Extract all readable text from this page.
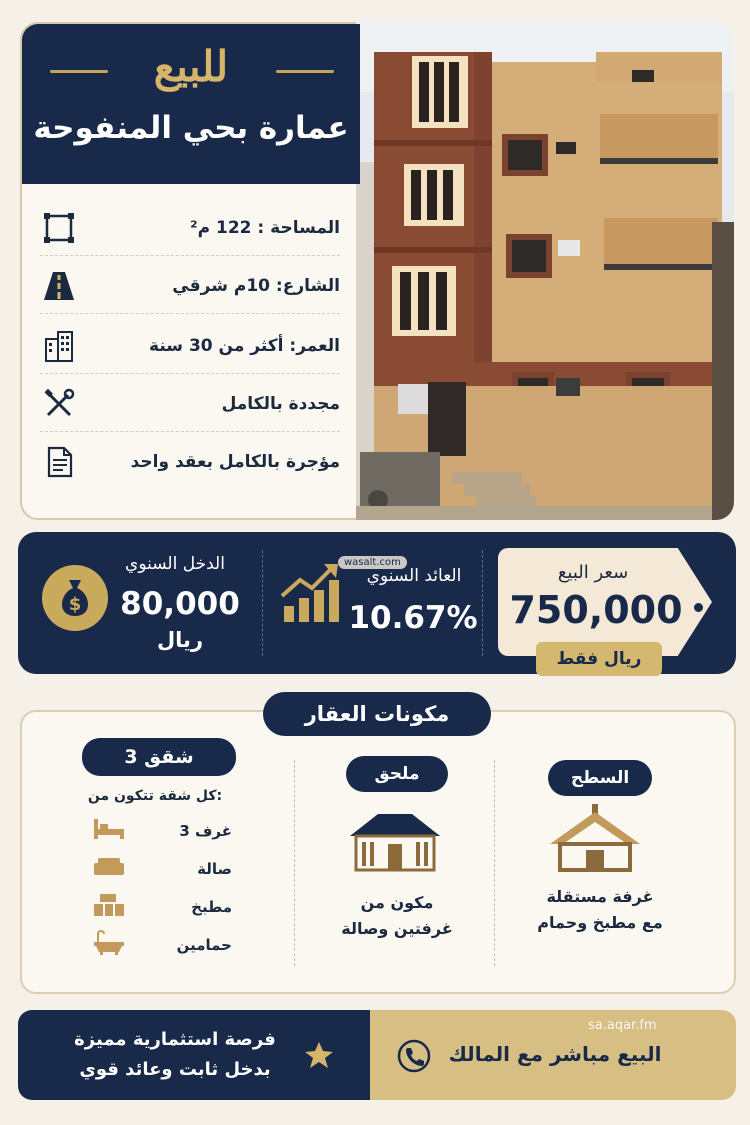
للبيع
عمارة بحي المنفوحة
المساحة : 122 م²
الشارع: 10م شرقي
العمر: أكثر من 30 سنة
مجددة بالكامل
مؤجرة بالكامل بعقد واحد
سعر البيع
750,000
ريال فقط
wasalt.com
العائد السنوي
10.67%
$
الدخل السنوي
80,000
ريال
مكونات العقار
السطح
غرفة مستقلة
مع مطبخ وحمام
ملحق
مكون من
غرفتين وصالة
3 شقق
كل شقة تتكون من:
3 غرف
صالة
مطبخ
حمامين
فرصة استثمارية مميزة
بدخل ثابت وعائد قوي
sa.aqar.fm
البيع مباشر مع المالك
